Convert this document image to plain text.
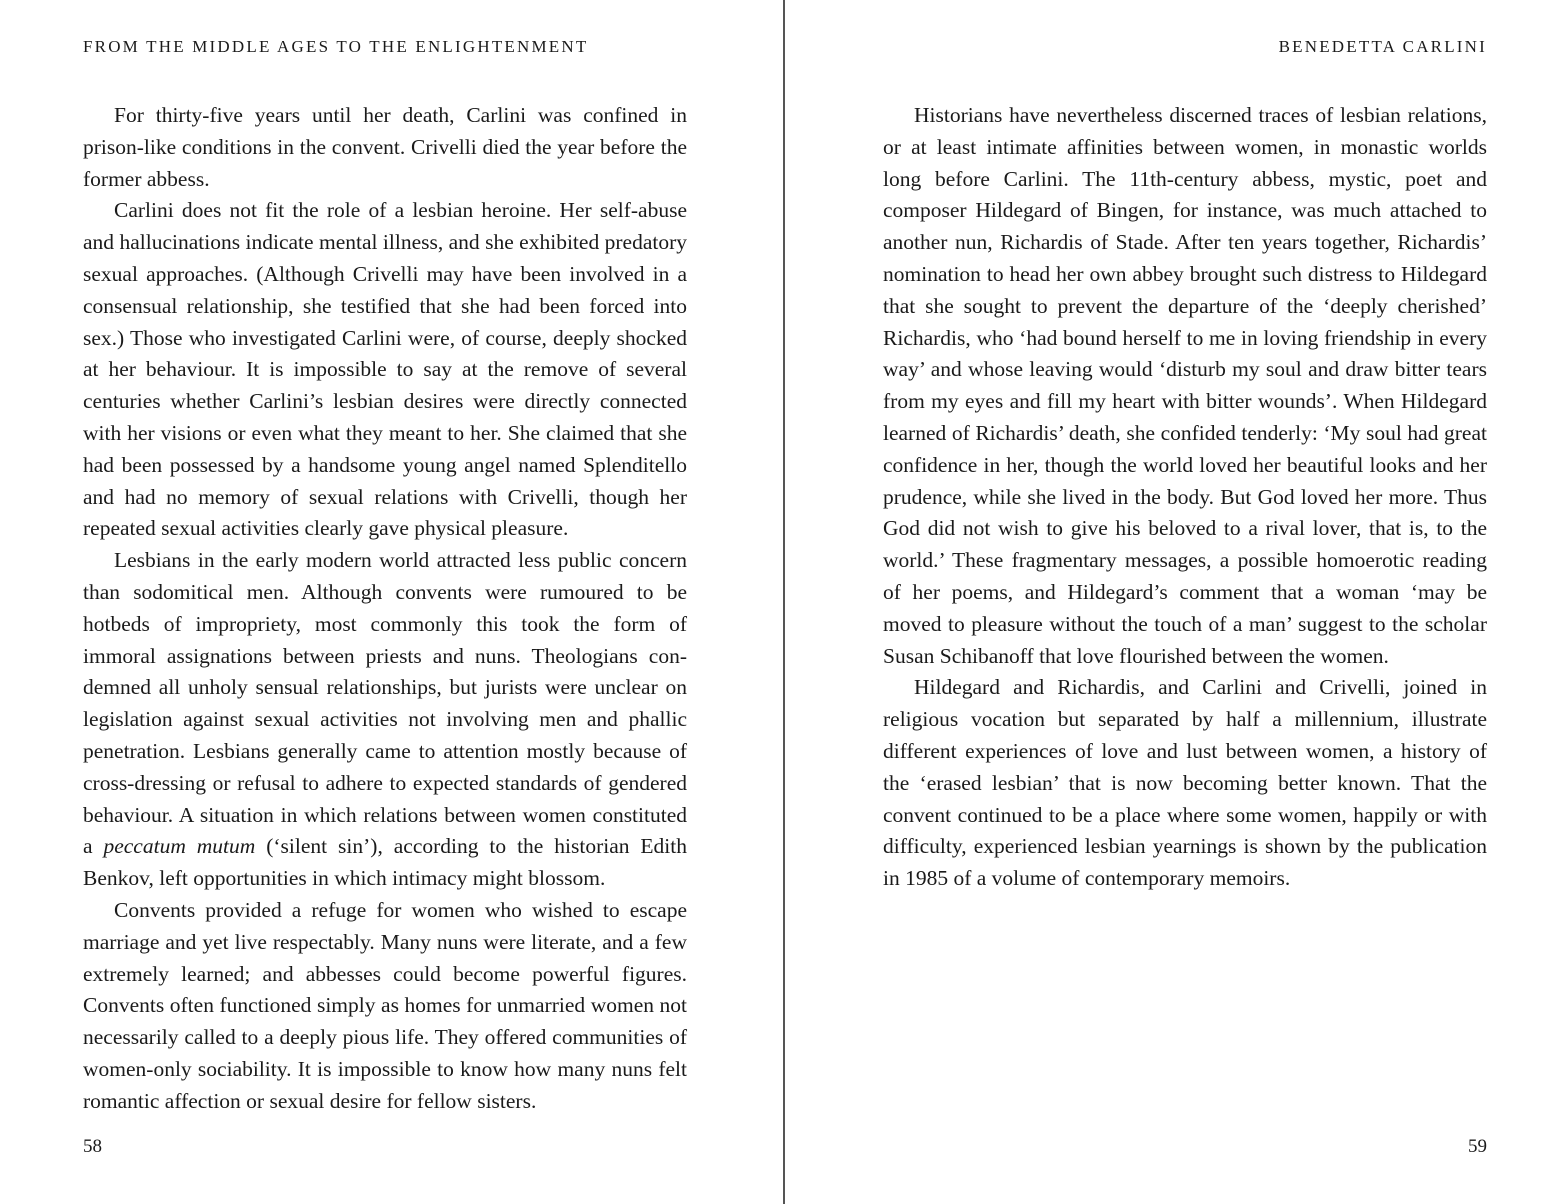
FROM THE MIDDLE AGES TO THE ENLIGHTENMENT

For thirty-five years until her death, Carlini was confined in prison-like conditions in the convent. Crivelli died the year before the former abbess.

Carlini does not fit the role of a lesbian heroine. Her self-abuse and hallucinations indicate mental illness, and she exhibited predatory sexual approaches. (Although Crivelli may have been involved in a consensual relationship, she testified that she had been forced into sex.) Those who investigated Carlini were, of course, deeply shocked at her behaviour. It is impossible to say at the remove of several centuries whether Carlini’s lesbian desires were directly connected with her visions or even what they meant to her. She claimed that she had been possessed by a handsome young angel named Splenditello and had no memory of sexual relations with Crivelli, though her repeated sexual activities clearly gave physical pleasure.

Lesbians in the early modern world attracted less public concern than sodomitical men. Although convents were rumoured to be hotbeds of impropriety, most commonly this took the form of immoral assignations between priests and nuns. Theologians condemned all unholy sensual relationships, but jurists were unclear on legislation against sexual activities not involving men and phallic penetration. Lesbians generally came to attention mostly because of cross-dressing or refusal to adhere to expected standards of gendered behaviour. A situation in which relations between women constituted a peccatum mutum (‘silent sin’), according to the historian Edith Benkov, left opportunities in which intimacy might blossom.

Convents provided a refuge for women who wished to escape marriage and yet live respectably. Many nuns were literate, and a few extremely learned; and abbesses could become powerful figures. Convents often functioned simply as homes for unmarried women not necessarily called to a deeply pious life. They offered communities of women-only sociability. It is impossible to know how many nuns felt romantic affection or sexual desire for fellow sisters.

58
BENEDETTA CARLINI

Historians have nevertheless discerned traces of lesbian relations, or at least intimate affinities between women, in monastic worlds long before Carlini. The 11th-century abbess, mystic, poet and composer Hildegard of Bingen, for instance, was much attached to another nun, Richardis of Stade. After ten years together, Richardis’ nomination to head her own abbey brought such distress to Hildegard that she sought to prevent the departure of the ‘deeply cherished’ Richardis, who ‘had bound herself to me in loving friendship in every way’ and whose leaving would ‘disturb my soul and draw bitter tears from my eyes and fill my heart with bitter wounds’. When Hildegard learned of Richardis’ death, she confided tenderly: ‘My soul had great confidence in her, though the world loved her beautiful looks and her prudence, while she lived in the body. But God loved her more. Thus God did not wish to give his beloved to a rival lover, that is, to the world.’ These fragmentary messages, a possible homoerotic reading of her poems, and Hildegard’s comment that a woman ‘may be moved to pleasure without the touch of a man’ suggest to the scholar Susan Schibanoff that love flourished between the women.

Hildegard and Richardis, and Carlini and Crivelli, joined in religious vocation but separated by half a millennium, illustrate different experiences of love and lust between women, a history of the ‘erased lesbian’ that is now becoming better known. That the convent continued to be a place where some women, happily or with difficulty, experienced lesbian yearnings is shown by the publication in 1985 of a volume of contemporary memoirs.

59
